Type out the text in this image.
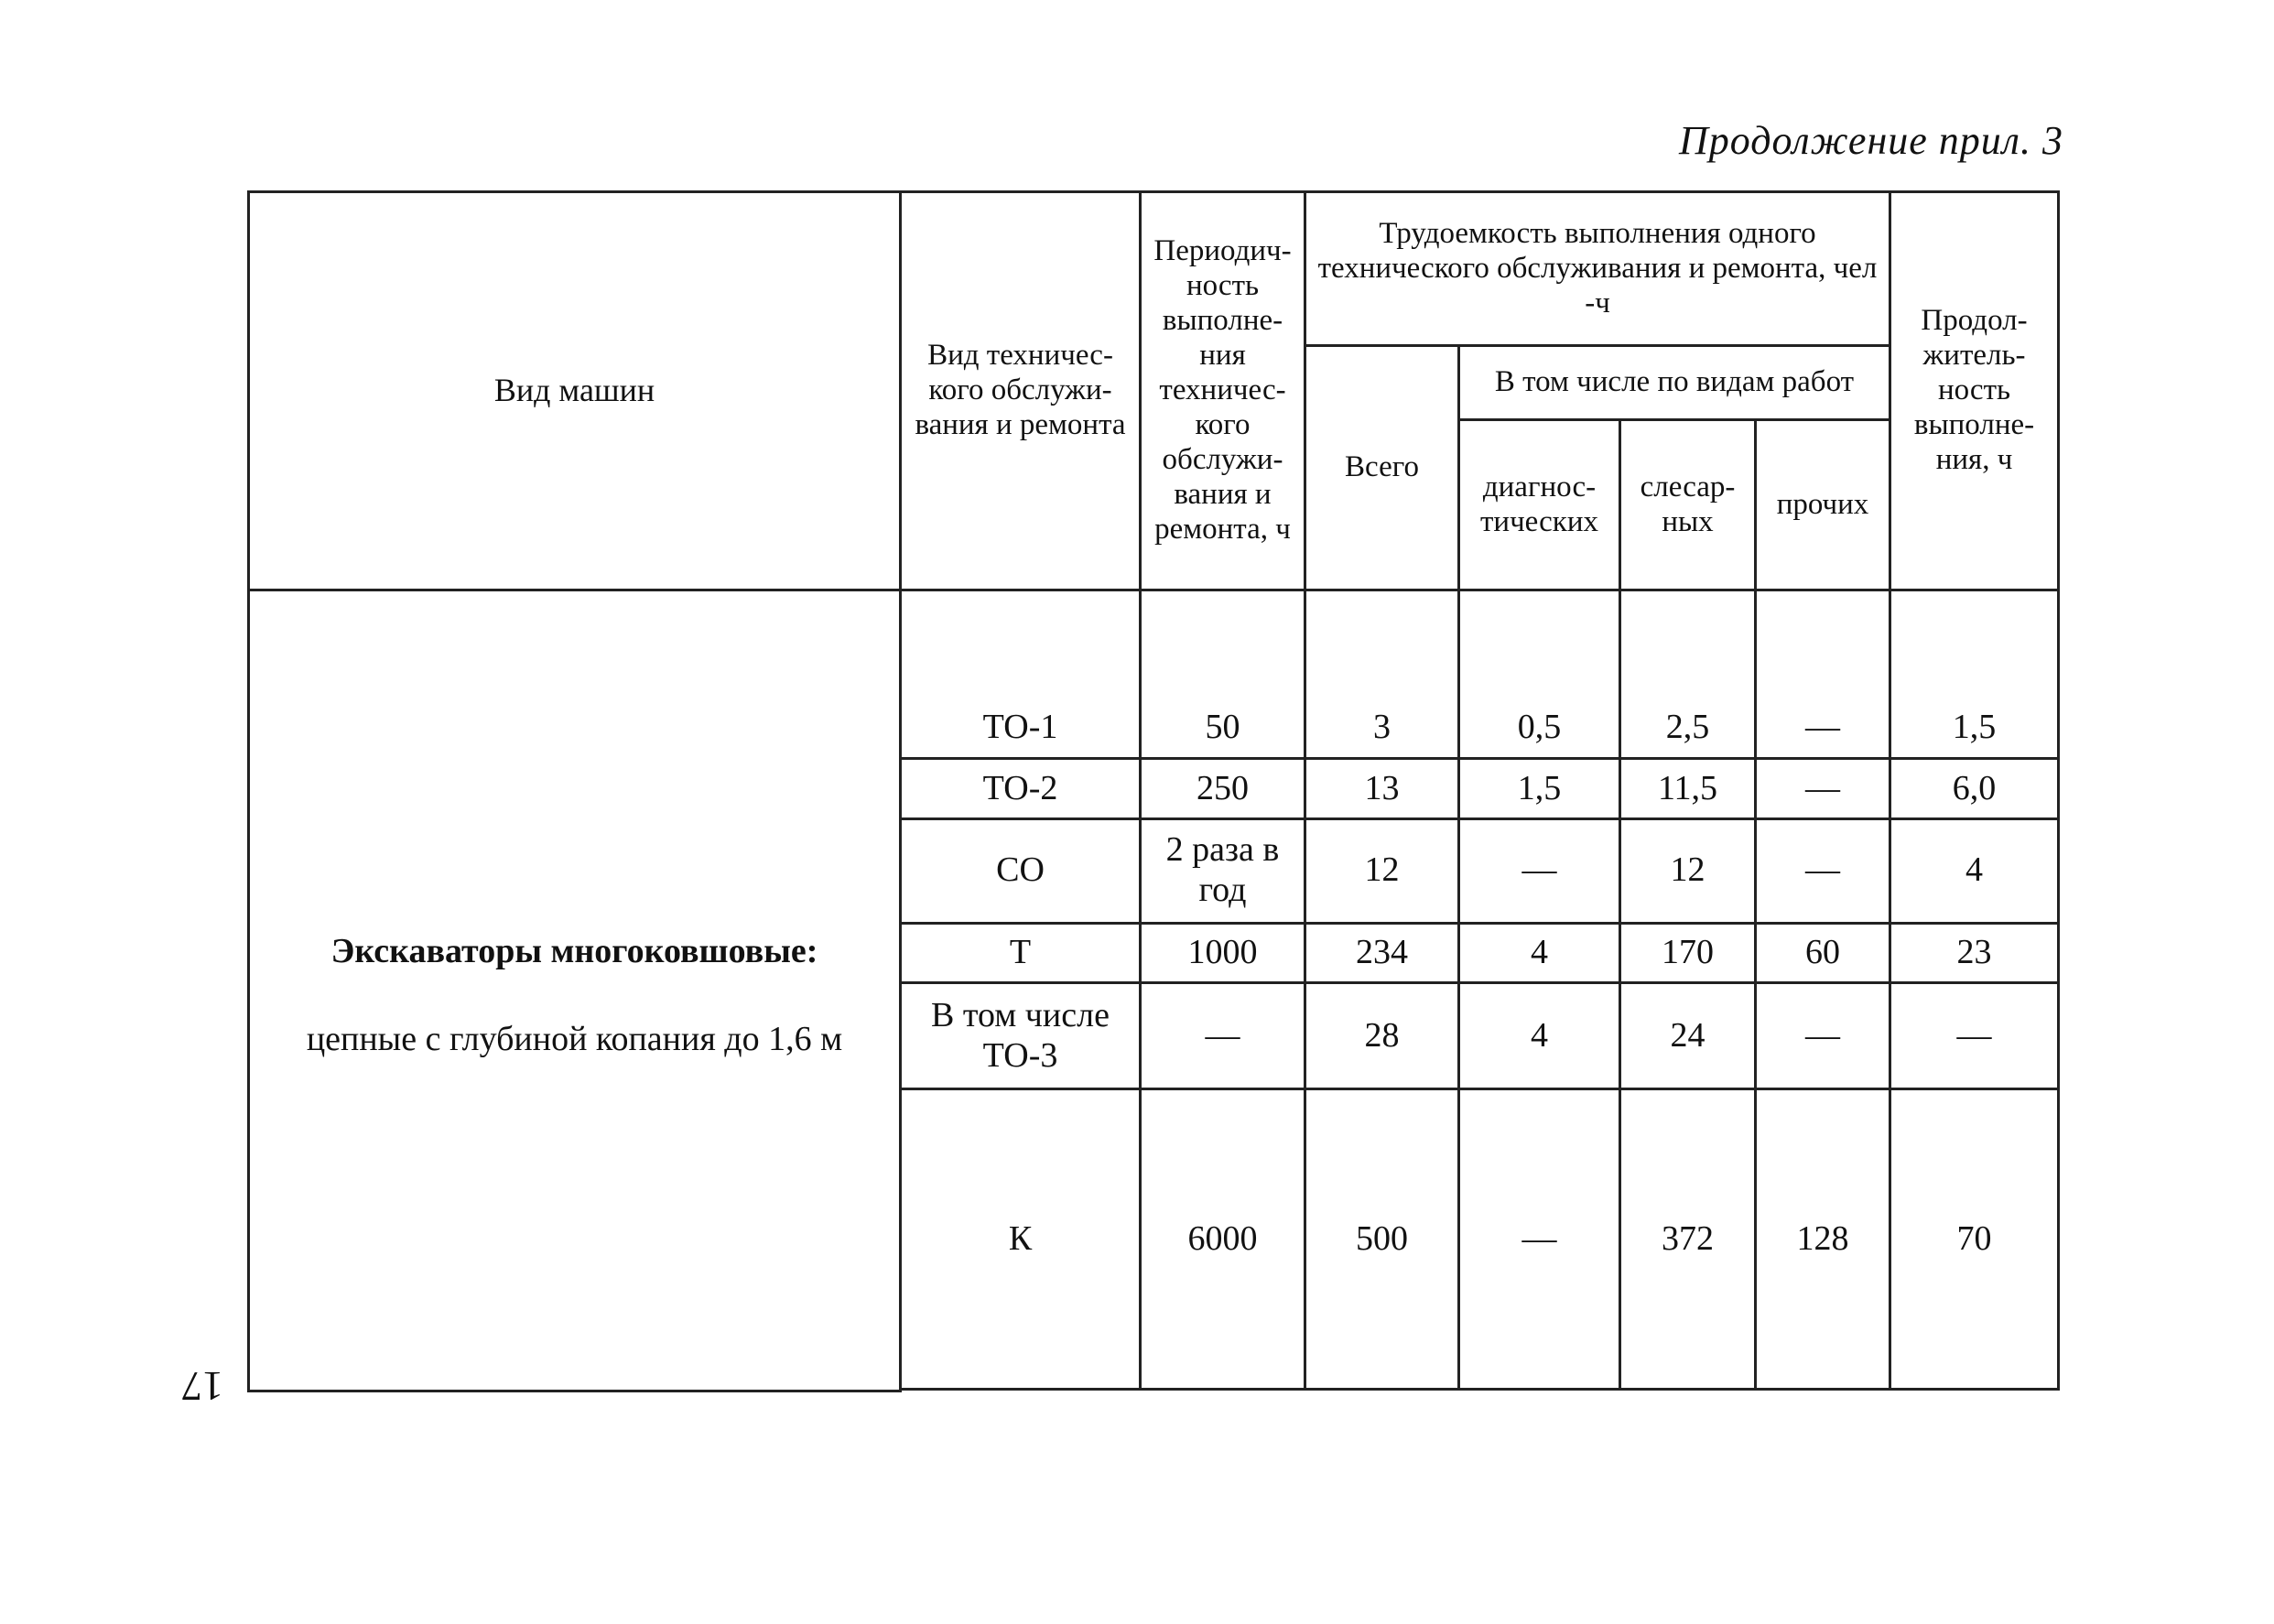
Продолжение прил. 3
Вид машин	Вид техничес-кого обслужи-вания и ремонта	Периодич-ность выполне-ния техничес-кого обслужи-вания и ремонта, ч	Трудоемкость выполнения одного технического обслуживания и ремонта, чел -ч				Продол-житель-ность выполне-ния, ч
			Всего	В том числе по видам работ			
				диагнос-тических	слесар-ных	прочих	

Экскаваторы многоковшовые:
цепные с глубиной копания до 1,6 м							

	ТО-1	50	3	0,5	2,5	—	1,5
	ТО-2	250	13	1,5	11,5	—	6,0
	СО	2 раза в год	12	—	12	—	4
	Т	1000	234	4	170	60	23
	В том числе ТО-3	—	28	4	24	—	—
	К	6000	500	—	372	128	70

17
